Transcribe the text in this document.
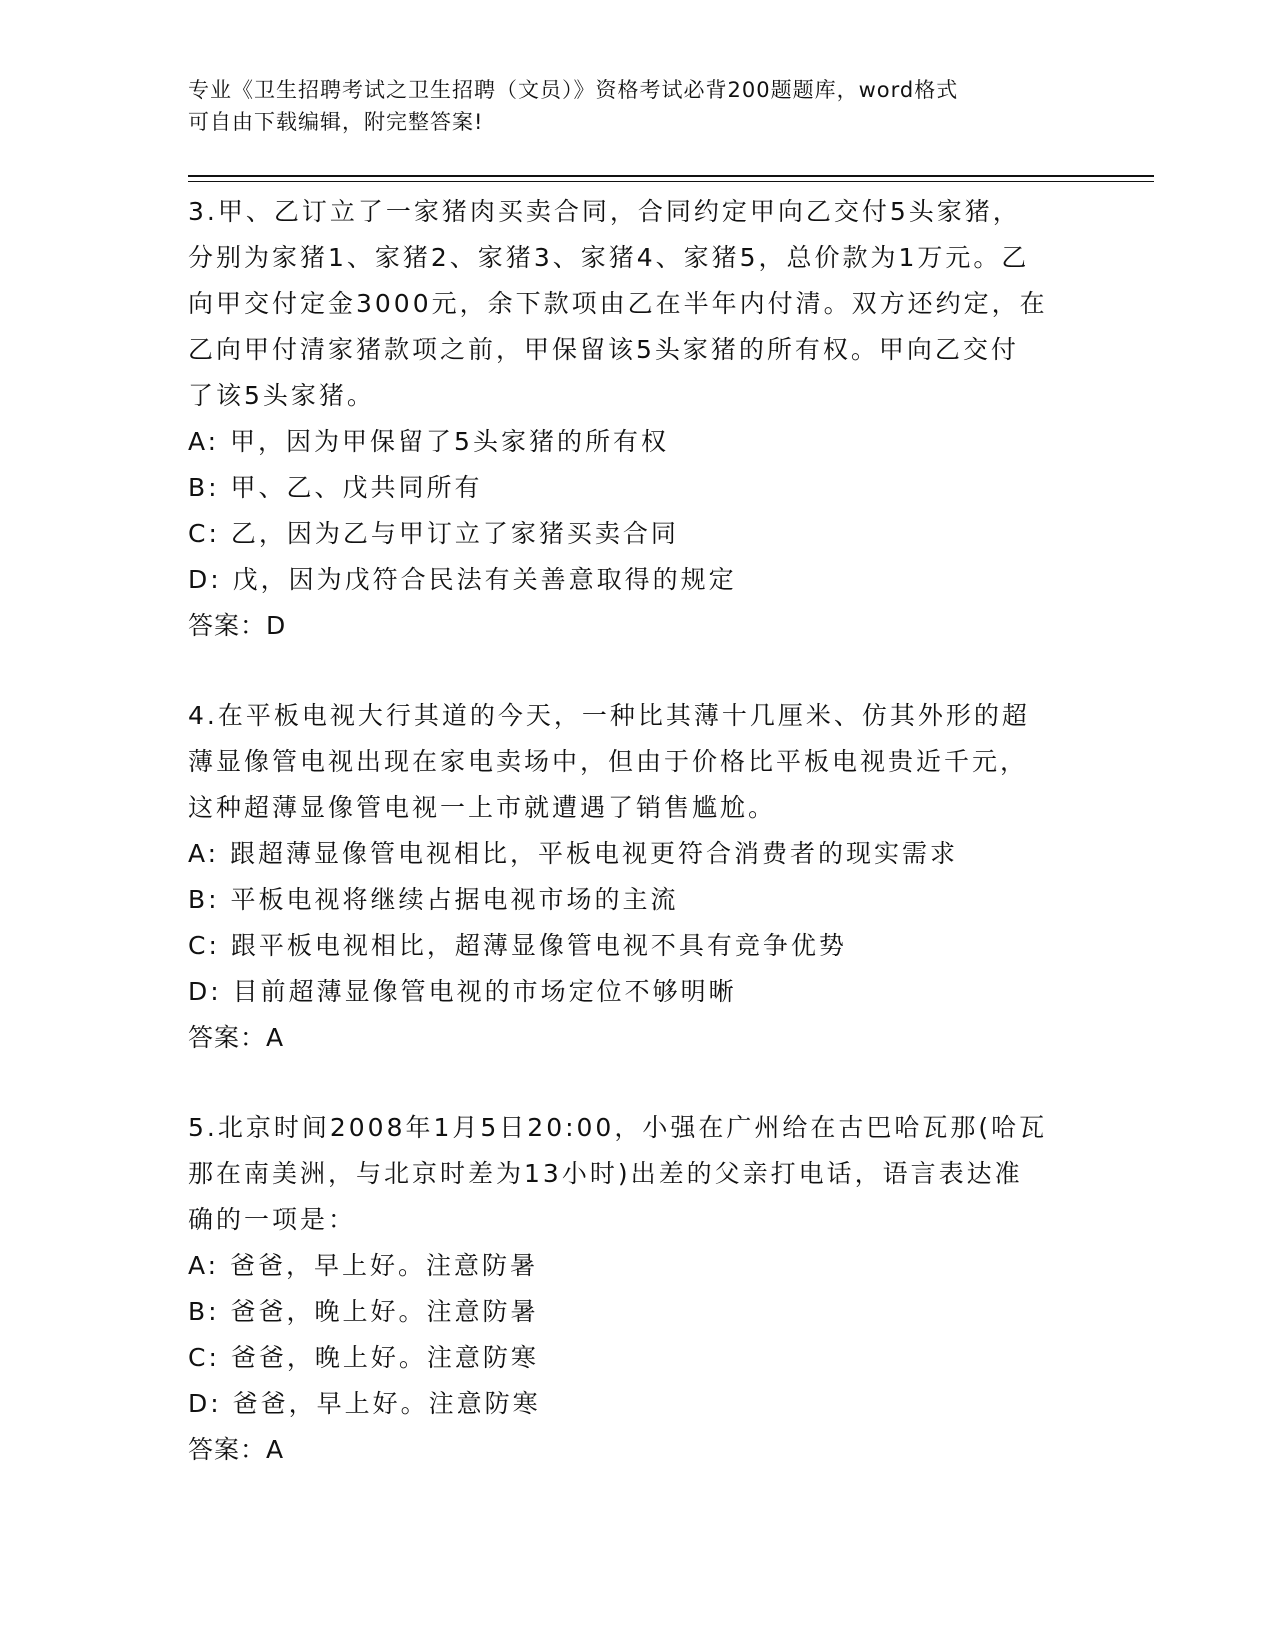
专业《卫生招聘考试之卫生招聘（文员）》资格考试必背200题题库，word格式
可自由下载编辑，附完整答案!
3.甲、乙订立了一家猪肉买卖合同，合同约定甲向乙交付5头家猪，
分别为家猪1、家猪2、家猪3、家猪4、家猪5，总价款为1万元。乙
向甲交付定金3000元，余下款项由乙在半年内付清。双方还约定，在
乙向甲付清家猪款项之前，甲保留该5头家猪的所有权。甲向乙交付
了该5头家猪。
A: 甲，因为甲保留了5头家猪的所有权
B: 甲、乙、戊共同所有
C: 乙，因为乙与甲订立了家猪买卖合同
D: 戊，因为戊符合民法有关善意取得的规定
答案：D
4.在平板电视大行其道的今天，一种比其薄十几厘米、仿其外形的超
薄显像管电视出现在家电卖场中，但由于价格比平板电视贵近千元，
这种超薄显像管电视一上市就遭遇了销售尴尬。
A: 跟超薄显像管电视相比，平板电视更符合消费者的现实需求
B: 平板电视将继续占据电视市场的主流
C: 跟平板电视相比，超薄显像管电视不具有竞争优势
D: 目前超薄显像管电视的市场定位不够明晰
答案：A
5.北京时间2008年1月5日20:00，小强在广州给在古巴哈瓦那(哈瓦
那在南美洲，与北京时差为13小时)出差的父亲打电话，语言表达准
确的一项是：
A: 爸爸，早上好。注意防暑
B: 爸爸，晚上好。注意防暑
C: 爸爸，晚上好。注意防寒
D: 爸爸，早上好。注意防寒
答案：A
